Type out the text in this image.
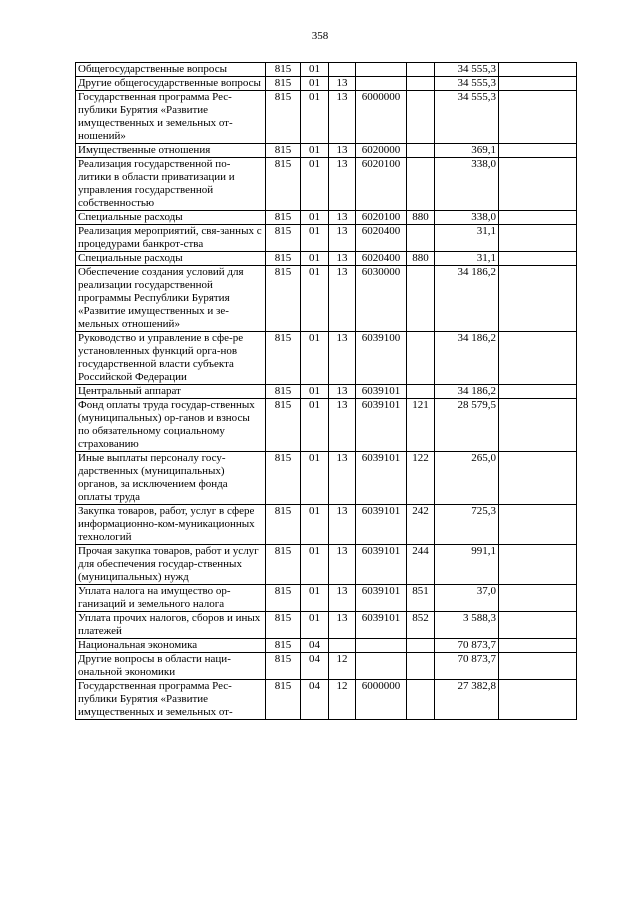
358
Общегосударственные вопросы	815	01				34 555,3	
Другие общегосударственные вопросы	815	01	13			34 555,3	
Государственная программа Рес-публики Бурятия «Развитие имущественных и земельных от-ношений»	815	01	13	6000000		34 555,3	
Имущественные отношения	815	01	13	6020000		369,1	
Реализация государственной по-литики в области приватизации и управления государственной собственностью	815	01	13	6020100		338,0	
Специальные расходы	815	01	13	6020100	880	338,0	
Реализация мероприятий, свя-занных с процедурами банкрот-ства	815	01	13	6020400		31,1	
Специальные расходы	815	01	13	6020400	880	31,1	
Обеспечение создания условий для реализации государственной программы Республики Бурятия «Развитие имущественных и зе-мельных отношений»	815	01	13	6030000		34 186,2	
Руководство и управление в сфе-ре установленных функций орга-нов государственной власти субъекта Российской Федерации	815	01	13	6039100		34 186,2	
Центральный аппарат	815	01	13	6039101		34 186,2	
Фонд оплаты труда государ-ственных (муниципальных) ор-ганов и взносы по обязательному социальному страхованию	815	01	13	6039101	121	28 579,5	
Иные выплаты персоналу госу-дарственных (муниципальных) органов, за исключением фонда оплаты труда	815	01	13	6039101	122	265,0	
Закупка товаров, работ, услуг в сфере информационно-ком-муникационных технологий	815	01	13	6039101	242	725,3	
Прочая закупка товаров, работ и услуг для обеспечения государ-ственных (муниципальных) нужд	815	01	13	6039101	244	991,1	
Уплата налога на имущество ор-ганизаций и земельного налога	815	01	13	6039101	851	37,0	
Уплата прочих налогов, сборов и иных платежей	815	01	13	6039101	852	3 588,3	
Национальная экономика	815	04				70 873,7	
Другие вопросы в области наци-ональной экономики	815	04	12			70 873,7	
Государственная программа Рес-публики Бурятия «Развитие имущественных и земельных от-	815	04	12	6000000		27 382,8	
